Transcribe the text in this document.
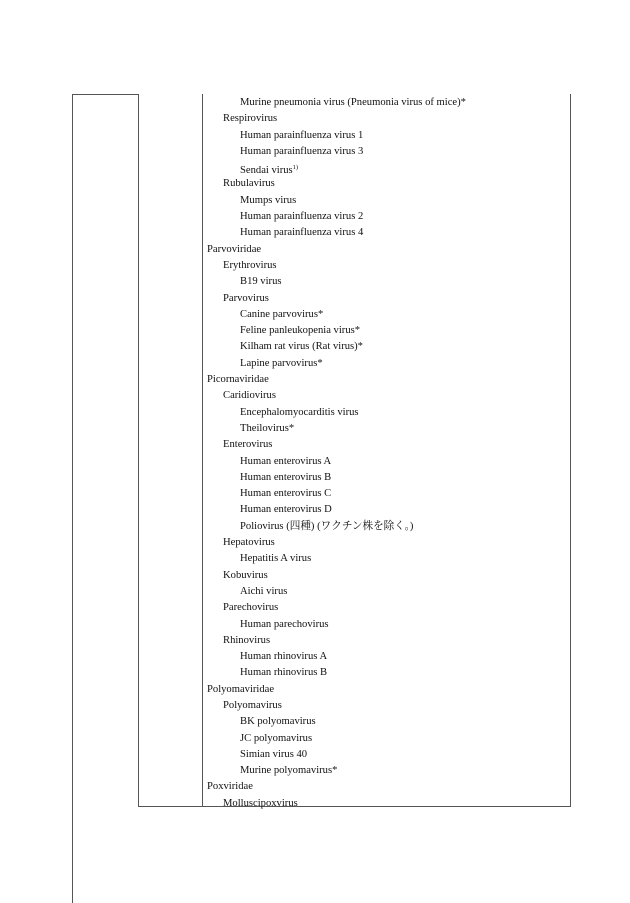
Murine pneumonia virus (Pneumonia virus of mice)*
Respirovirus
Human parainfluenza virus 1
Human parainfluenza virus 3
Sendai virus$^{1)}$
Rubulavirus
Mumps virus
Human parainfluenza virus 2
Human parainfluenza virus 4
Parvoviridae
Erythrovirus
B19 virus
Parvovirus
Canine parvovirus*
Feline panleukopenia virus*
Kilham rat virus (Rat virus)*
Lapine parvovirus*
Picornaviridae
Caridiovirus
Encephalomyocarditis virus
Theilovirus*
Enterovirus
Human enterovirus A
Human enterovirus B
Human enterovirus C
Human enterovirus D
Poliovirus (四種) (ワクチン株を除く。)
Hepatovirus
Hepatitis A virus
Kobuvirus
Aichi virus
Parechovirus
Human parechovirus
Rhinovirus
Human rhinovirus A
Human rhinovirus B
Polyomaviridae
Polyomavirus
BK polyomavirus
JC polyomavirus
Simian virus 40
Murine polyomavirus*
Poxviridae
Molluscipoxvirus
